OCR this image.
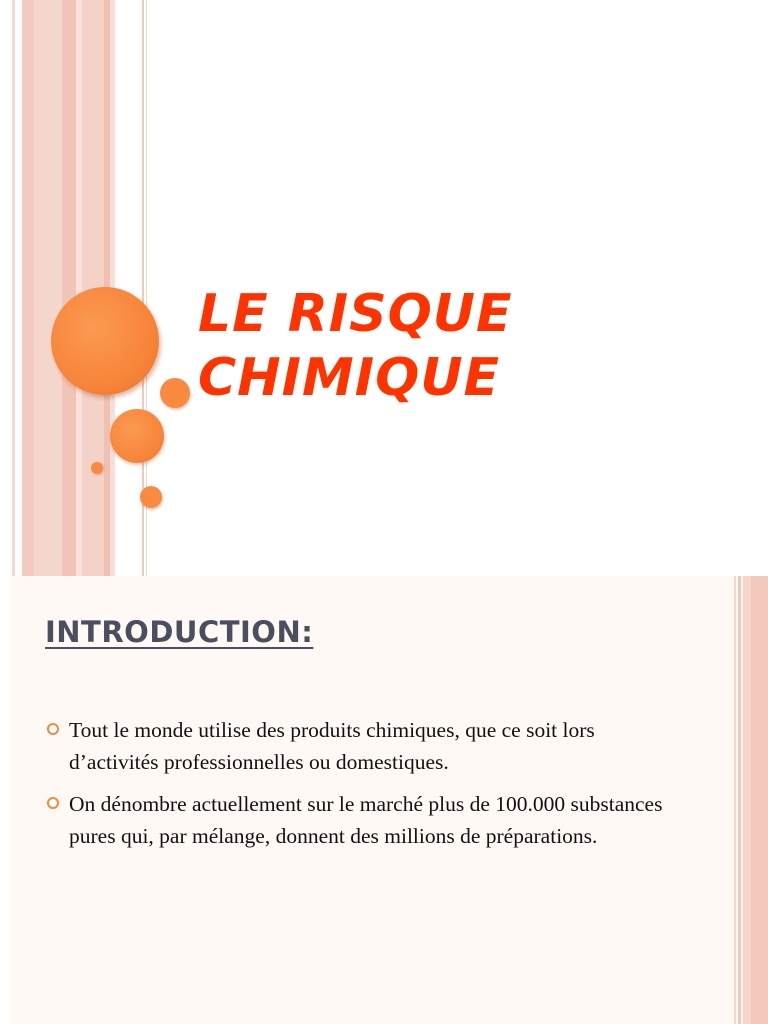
LE RISQUE
CHIMIQUE
INTRODUCTION:
Tout le monde utilise des produits chimiques, que ce soit lors d’activités professionnelles ou domestiques.
On dénombre actuellement sur le marché plus de 100.000 substances pures qui, par mélange, donnent des millions de préparations.
